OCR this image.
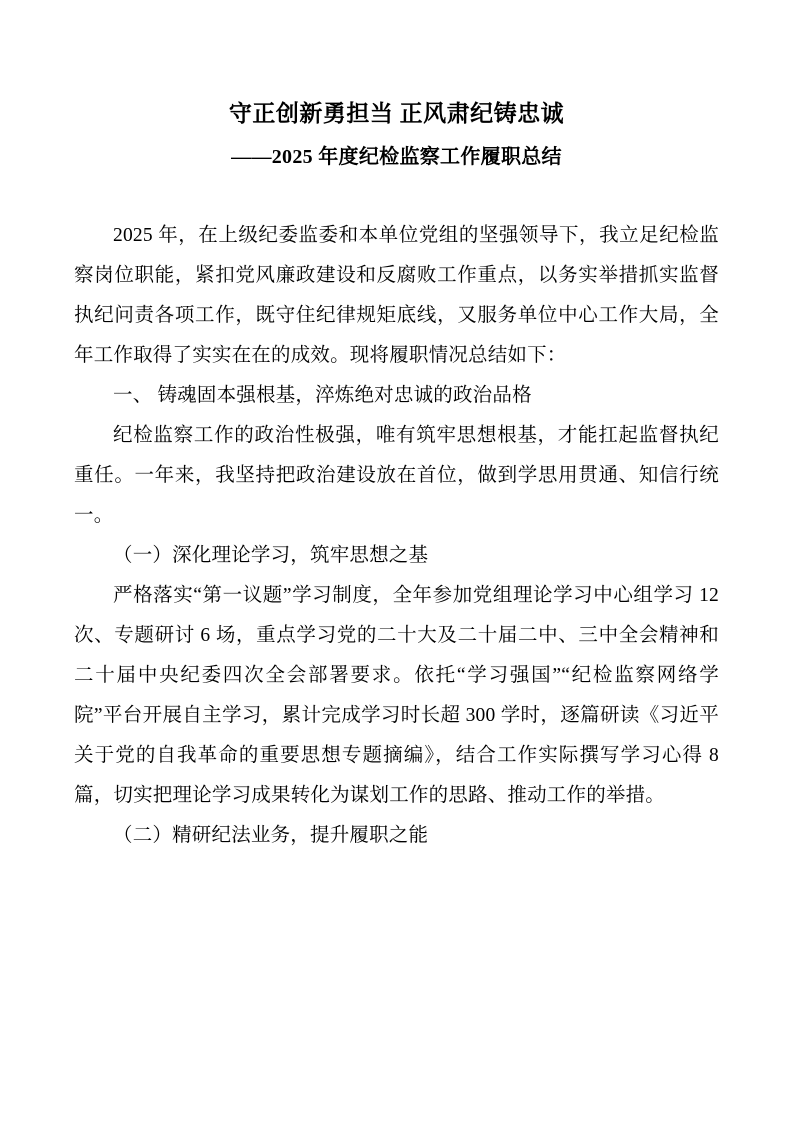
守正创新勇担当 正风肃纪铸忠诚
——2025 年度纪检监察工作履职总结

2025 年，在上级纪委监委和本单位党组的坚强领导下，我立足纪检监察岗位职能，紧扣党风廉政建设和反腐败工作重点，以务实举措抓实监督执纪问责各项工作，既守住纪律规矩底线，又服务单位中心工作大局，全年工作取得了实实在在的成效。现将履职情况总结如下：

一、 铸魂固本强根基，淬炼绝对忠诚的政治品格

纪检监察工作的政治性极强，唯有筑牢思想根基，才能扛起监督执纪重任。一年来，我坚持把政治建设放在首位，做到学思用贯通、知信行统一。

（一）深化理论学习，筑牢思想之基

严格落实“第一议题”学习制度，全年参加党组理论学习中心组学习 12 次、专题研讨 6 场，重点学习党的二十大及二十届二中、三中全会精神和二十届中央纪委四次全会部署要求。依托“学习强国”“纪检监察网络学院”平台开展自主学习，累计完成学习时长超 300 学时，逐篇研读《习近平关于党的自我革命的重要思想专题摘编》，结合工作实际撰写学习心得 8 篇，切实把理论学习成果转化为谋划工作的思路、推动工作的举措。

（二）精研纪法业务，提升履职之能
